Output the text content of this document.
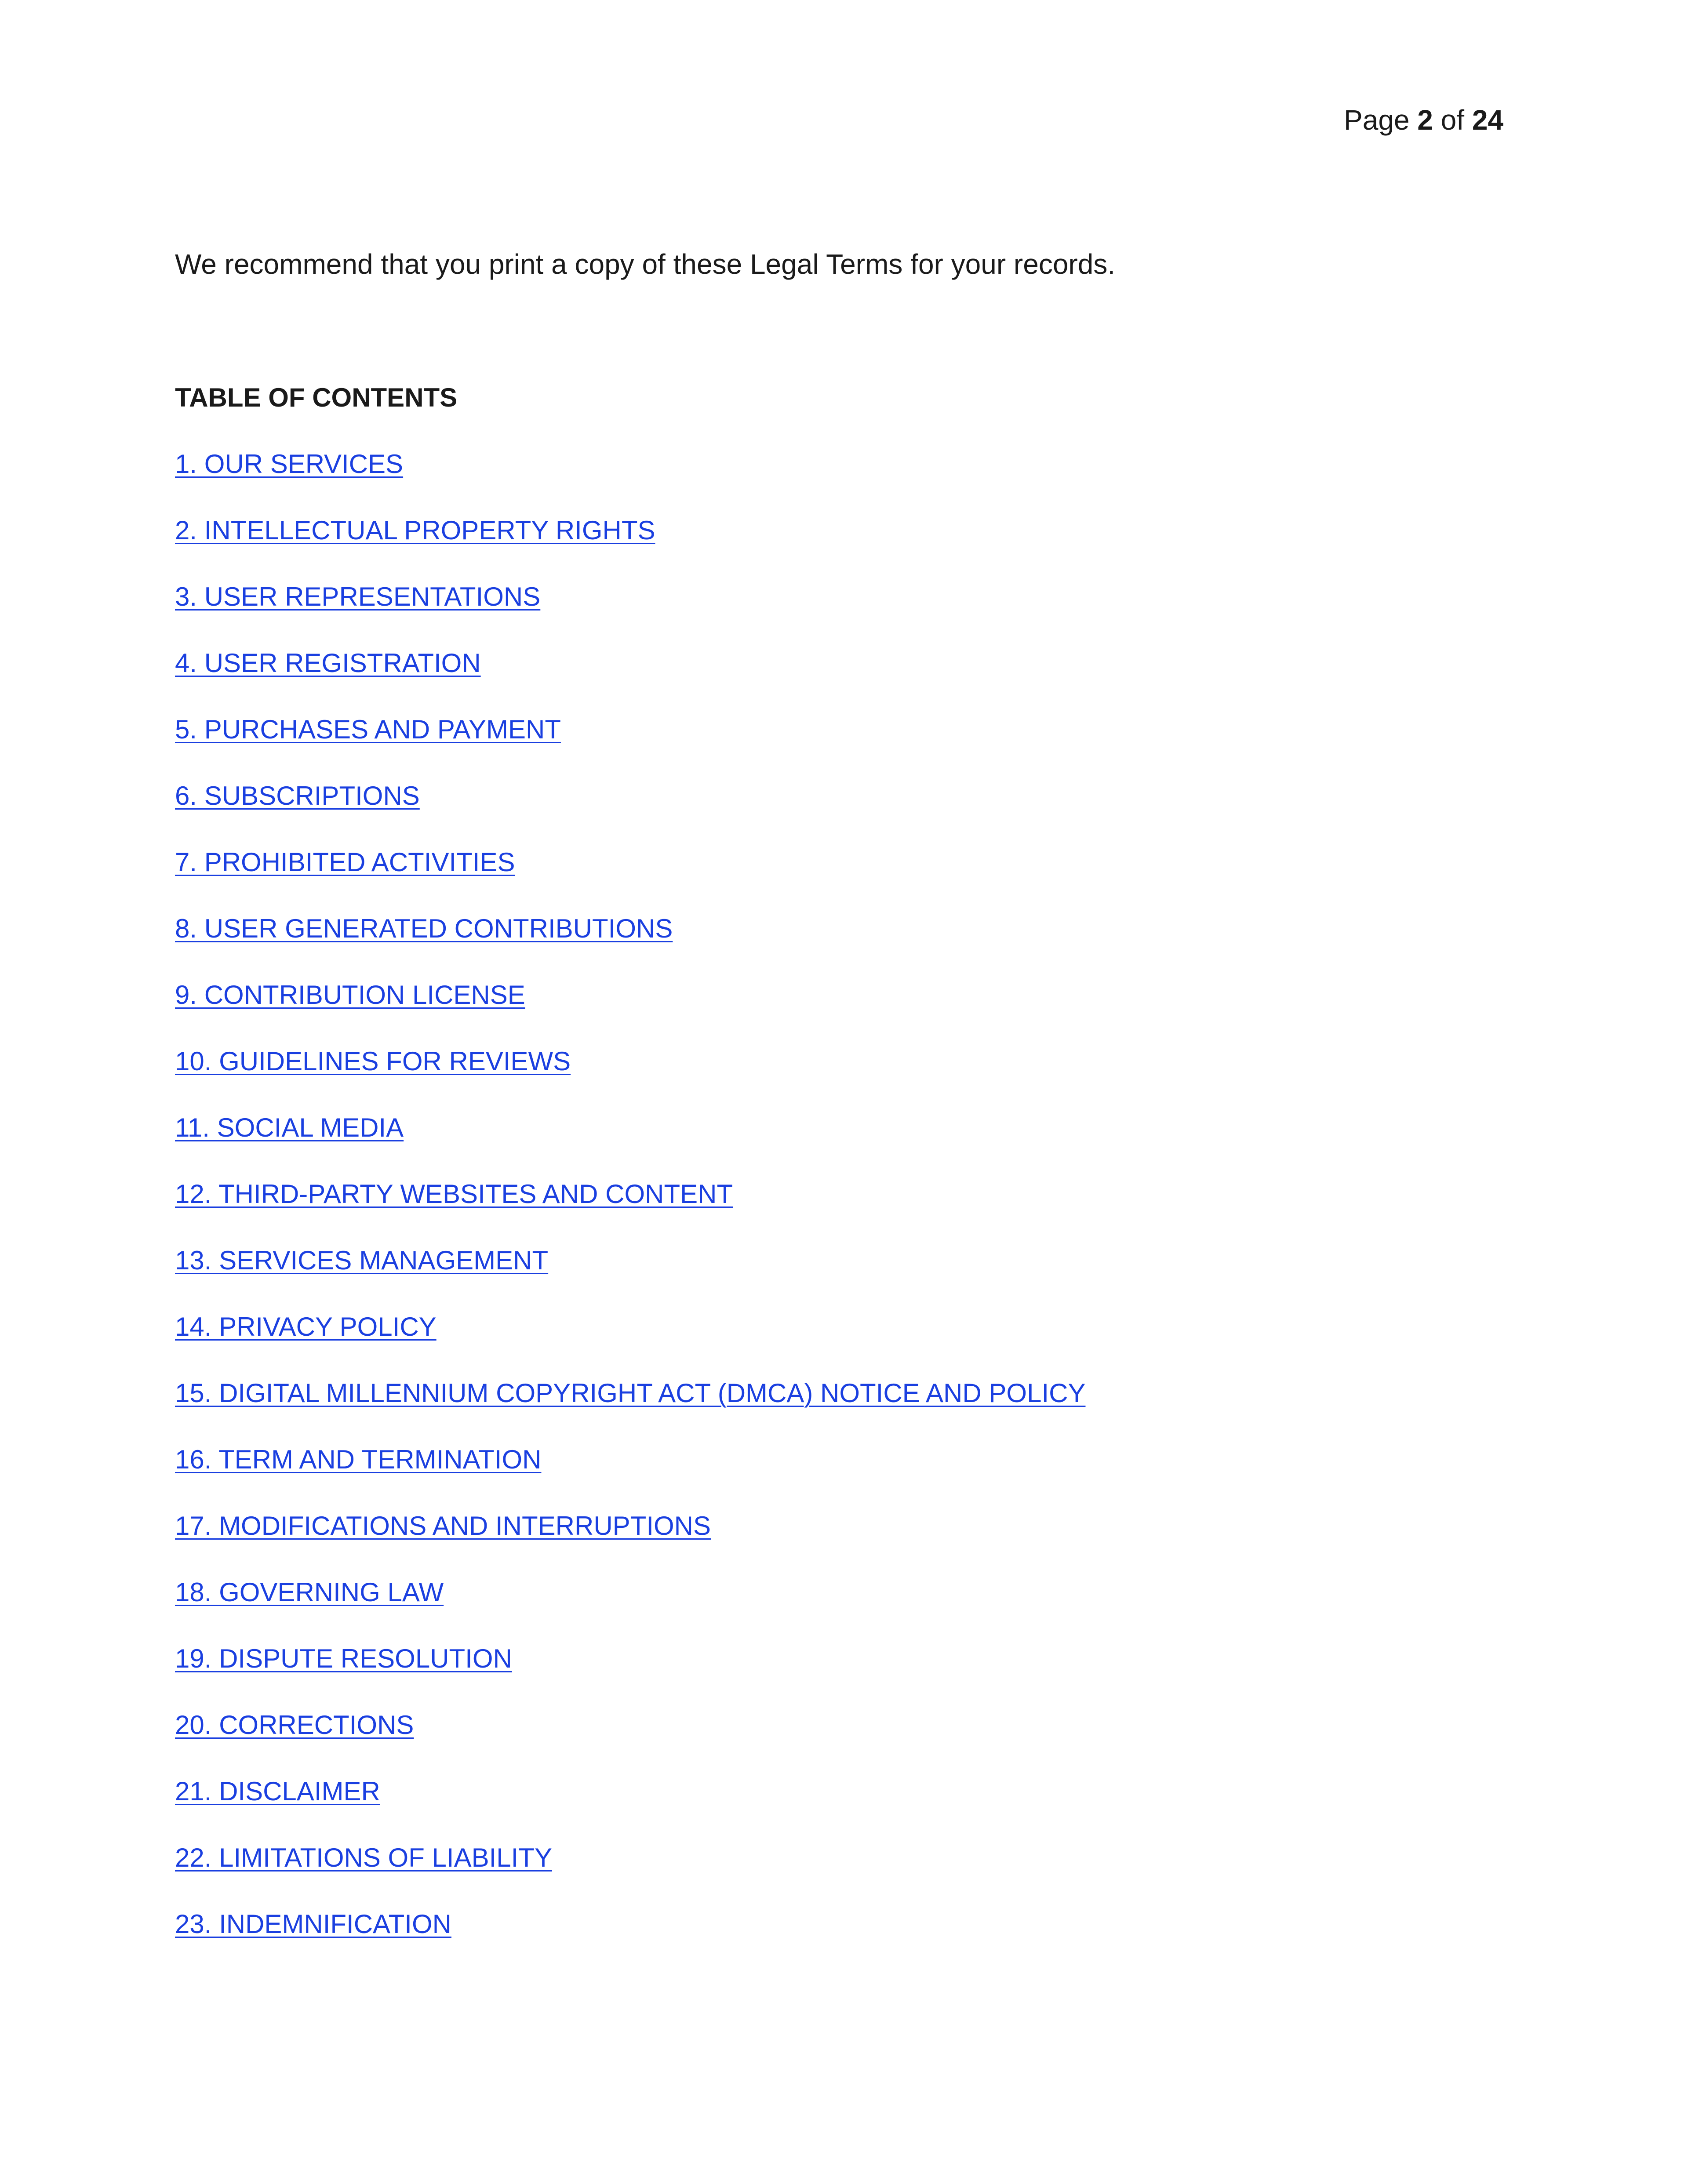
Page 2 of 24
We recommend that you print a copy of these Legal Terms for your records.
TABLE OF CONTENTS
1. OUR SERVICES
2. INTELLECTUAL PROPERTY RIGHTS
3. USER REPRESENTATIONS
4. USER REGISTRATION
5. PURCHASES AND PAYMENT
6. SUBSCRIPTIONS
7. PROHIBITED ACTIVITIES
8. USER GENERATED CONTRIBUTIONS
9. CONTRIBUTION LICENSE
10. GUIDELINES FOR REVIEWS
11. SOCIAL MEDIA
12. THIRD-PARTY WEBSITES AND CONTENT
13. SERVICES MANAGEMENT
14. PRIVACY POLICY
15. DIGITAL MILLENNIUM COPYRIGHT ACT (DMCA) NOTICE AND POLICY
16. TERM AND TERMINATION
17. MODIFICATIONS AND INTERRUPTIONS
18. GOVERNING LAW
19. DISPUTE RESOLUTION
20. CORRECTIONS
21. DISCLAIMER
22. LIMITATIONS OF LIABILITY
23. INDEMNIFICATION
